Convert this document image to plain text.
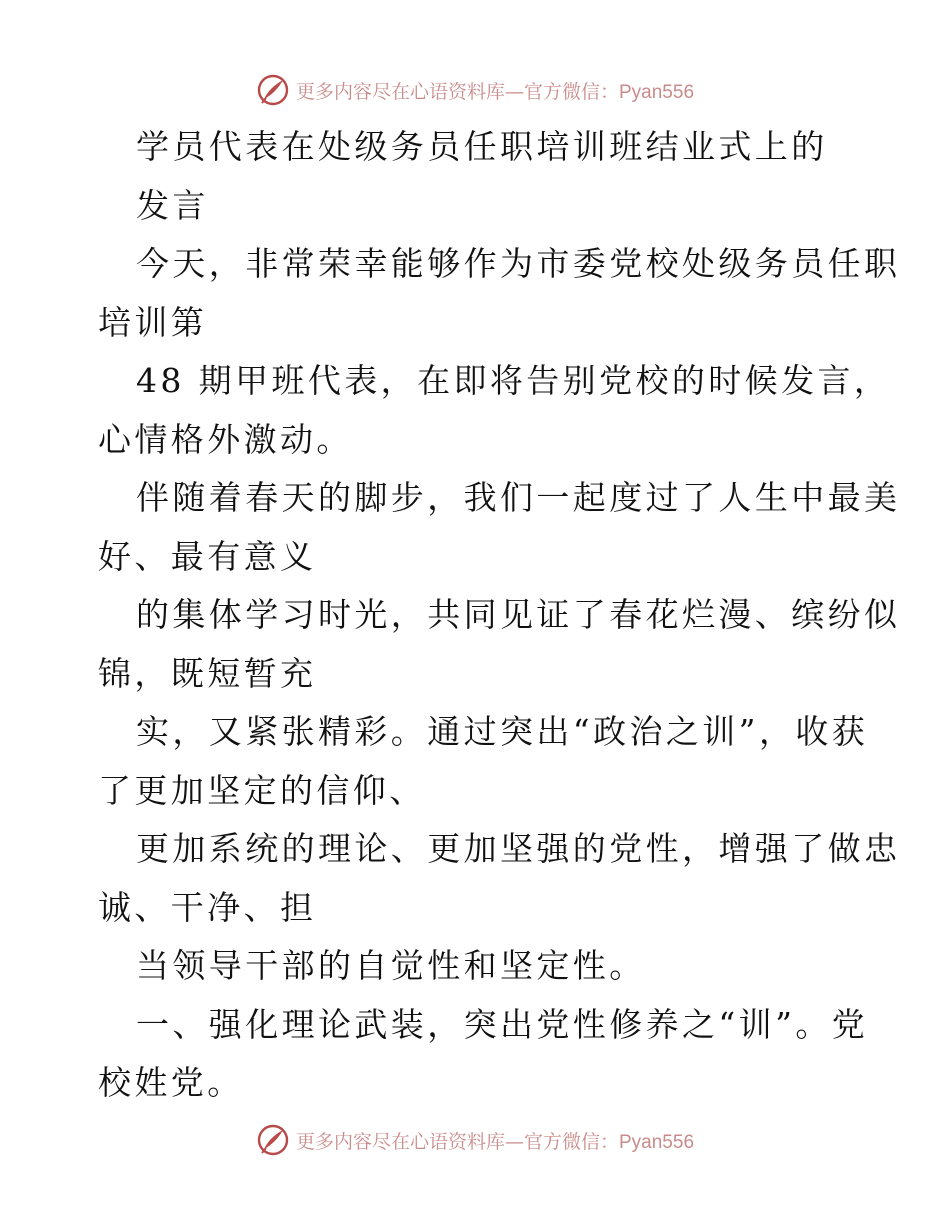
更多内容尽在心语资料库—官方微信：Pyan556
学员代表在处级务员任职培训班结业式上的
发言
今天，非常荣幸能够作为市委党校处级务员任职
培训第
48 期甲班代表，在即将告别党校的时候发言，
心情格外激动。
伴随着春天的脚步，我们一起度过了人生中最美
好、最有意义
的集体学习时光，共同见证了春花烂漫、缤纷似
锦，既短暂充
实，又紧张精彩。通过突出“政治之训”，收获
了更加坚定的信仰、
更加系统的理论、更加坚强的党性，增强了做忠
诚、干净、担
当领导干部的自觉性和坚定性。
一、强化理论武装，突出党性修养之“训”。党
校姓党。
更多内容尽在心语资料库—官方微信：Pyan556
